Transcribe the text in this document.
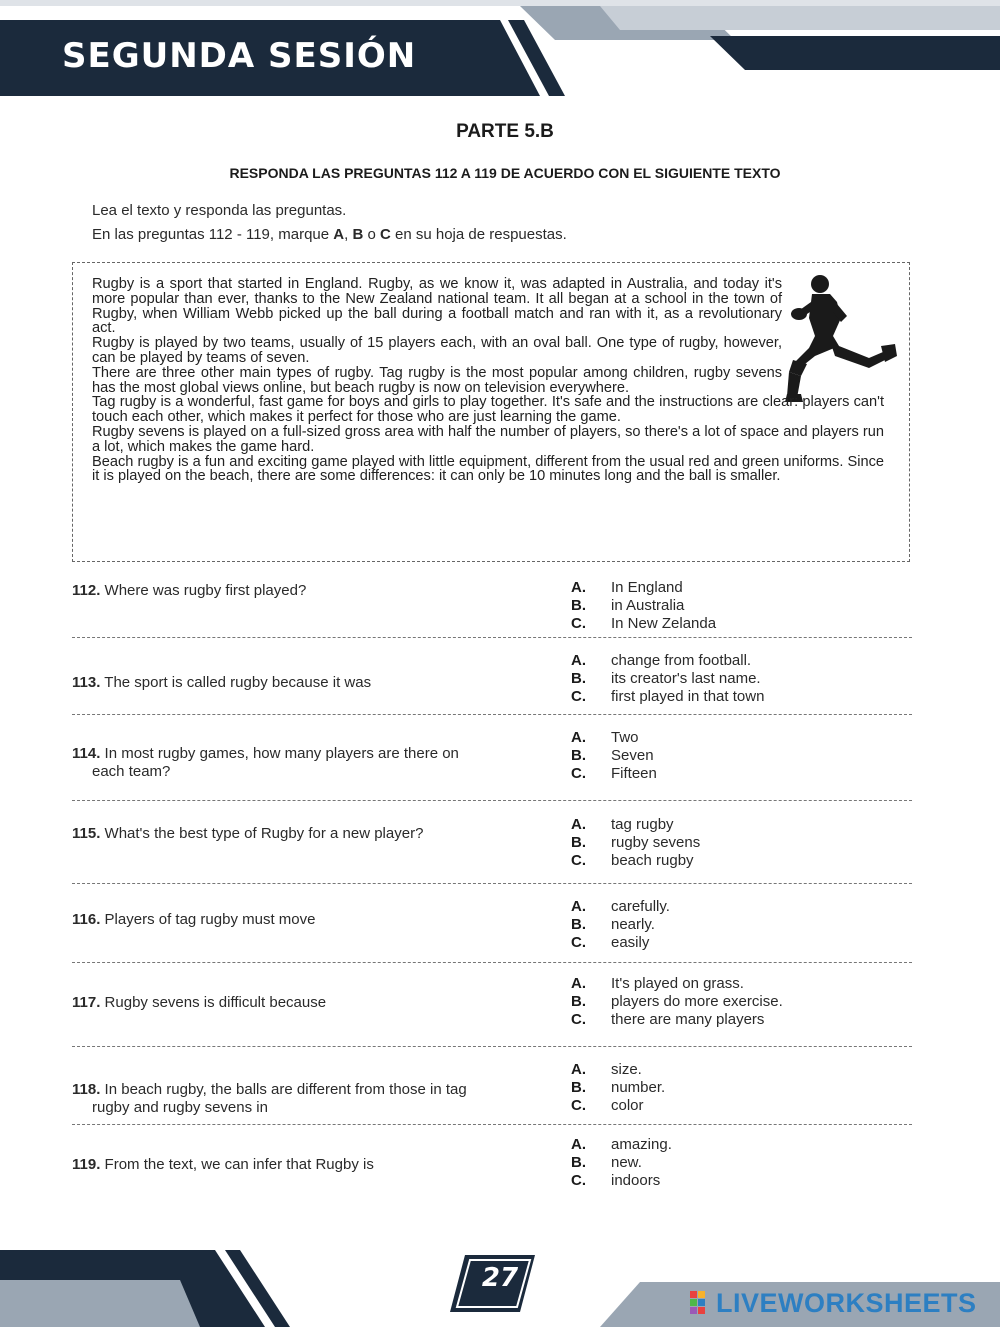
SEGUNDA SESIÓN
PARTE 5.B
RESPONDA LAS PREGUNTAS 112 A 119 DE ACUERDO CON EL SIGUIENTE TEXTO
Lea el texto y responda las preguntas.
En las preguntas 112 - 119, marque A, B o C en su hoja de respuestas.

Rugby is a sport that started in England. Rugby, as we know it, was adapted in Australia, and today it's more popular than ever, thanks to the New Zealand national team. It all began at a school in the town of Rugby, when William Webb picked up the ball during a football match and ran with it, as a revolutionary act.

Rugby is played by two teams, usually of 15 players each, with an oval ball. One type of rugby, however, can be played by teams of seven.

There are three other main types of rugby. Tag rugby is the most popular among children, rugby sevens has the most global views online, but beach rugby is now on television everywhere.

Tag rugby is a wonderful, fast game for boys and girls to play together. It's safe and the instructions are clear: players can't touch each other, which makes it perfect for those who are just learning the game.

Rugby sevens is played on a full-sized gross area with half the number of players, so there's a lot of space and players run a lot, which makes the game hard.

Beach rugby is a fun and exciting game played with little equipment, different from the usual red and green uniforms. Since it is played on the beach, there are some differences: it can only be 10 minutes long and the ball is smaller.

112. Where was rugby first played?	A. In England
B. in Australia
C. In New Zelanda
113. The sport is called rugby because it was
A. change from football.
B. its creator's last name.
C. first played in that town
114. In most rugby games, how many players are there on
each team?
A. Two
B. Seven
C. Fifteen
115. What's the best type of Rugby for a new player?
A. tag rugby
B. rugby sevens
C. beach rugby
116. Players of tag rugby must move
A. carefully.
B. nearly.
C. easily
117. Rugby sevens is difficult because
A. It's played on grass.
B. players do more exercise.
C. there are many players
118. In beach rugby, the balls are different from those in tag
rugby and rugby sevens in
A. size.
B. number.
C. color
119. From the text, we can infer that Rugby is
A. amazing.
B. new.
C. indoors
27
LIVEWORKSHEETS
